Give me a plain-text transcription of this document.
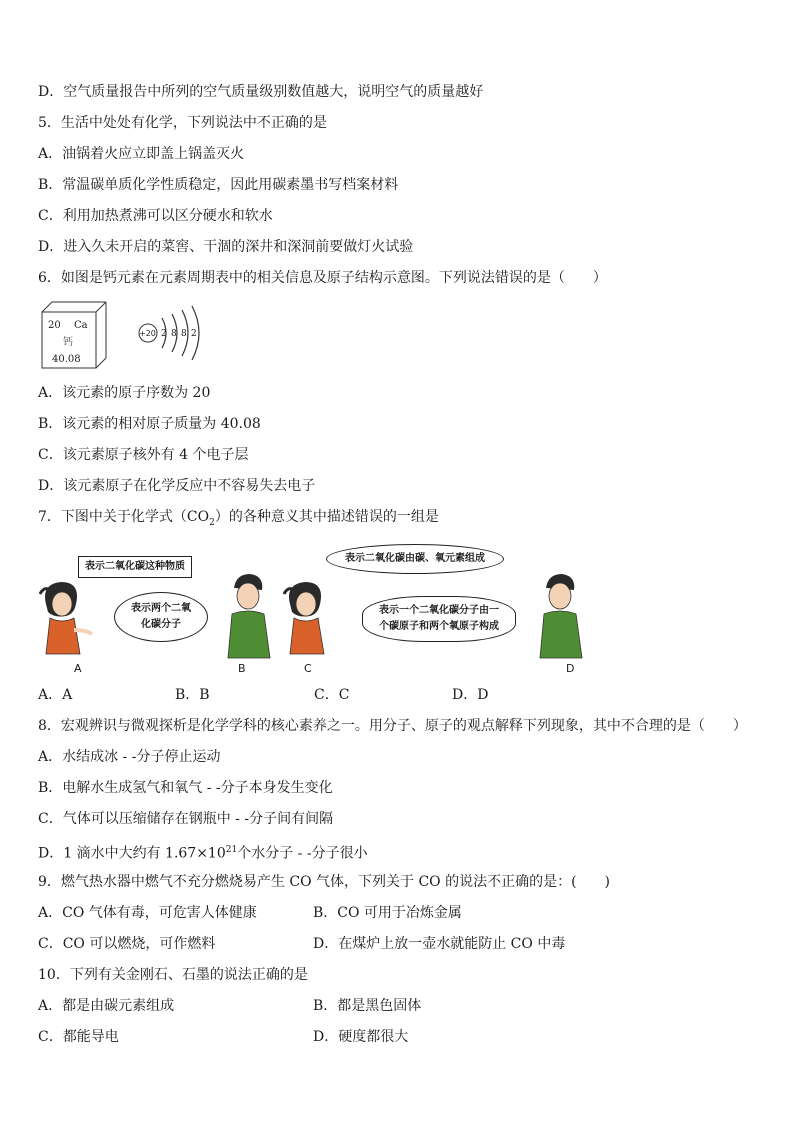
D．空气质量报告中所列的空气质量级别数值越大，说明空气的质量越好
5．生活中处处有化学，下列说法中不正确的是
A．油锅着火应立即盖上锅盖灭火
B．常温碳单质化学性质稳定，因此用碳素墨书写档案材料
C．利用加热煮沸可以区分硬水和软水
D．进入久未开启的菜窖、干涸的深井和深洞前要做灯火试验
6．如图是钙元素在元素周期表中的相关信息及原子结构示意图。下列说法错误的是（　　）
20 Ca
钙
40.08
+20 2 8 8 2
A．该元素的原子序数为 20
B．该元素的相对原子质量为 40.08
C．该元素原子核外有 4 个电子层
D．该元素原子在化学反应中不容易失去电子
7．下图中关于化学式$(CO_2)$的各种意义其中描述错误的一组是
表示二氧化碳这种物质
表示两个二氧
化碳分子
表示二氧化碳由碳、氧元素组成
表示一个二氧化碳分子由一
个碳原子和两个氧原子构成
A	B	C	D
A．A	B．B	C．C	D．D
8．宏观辨识与微观探析是化学学科的核心素养之一。用分子、原子的观点解释下列现象，其中不合理的是（　　）
A．水结成冰 - -分子停止运动
B．电解水生成氢气和氧气 - -分子本身发生变化
C．气体可以压缩储存在钢瓶中 - -分子间有间隔
D．1 滴水中大约有 $1.67\times 10^{21}$个水分子 - -分子很小
9．燃气热水器中燃气不充分燃烧易产生 CO 气体，下列关于 CO 的说法不正确的是：(　　)
A．CO 气体有毒，可危害人体健康	B．CO 可用于冶炼金属
C．CO 可以燃烧，可作燃料	D．在煤炉上放一壶水就能防止 CO 中毒
10．下列有关金刚石、石墨的说法正确的是
A．都是由碳元素组成	B．都是黑色固体
C．都能导电	D．硬度都很大
